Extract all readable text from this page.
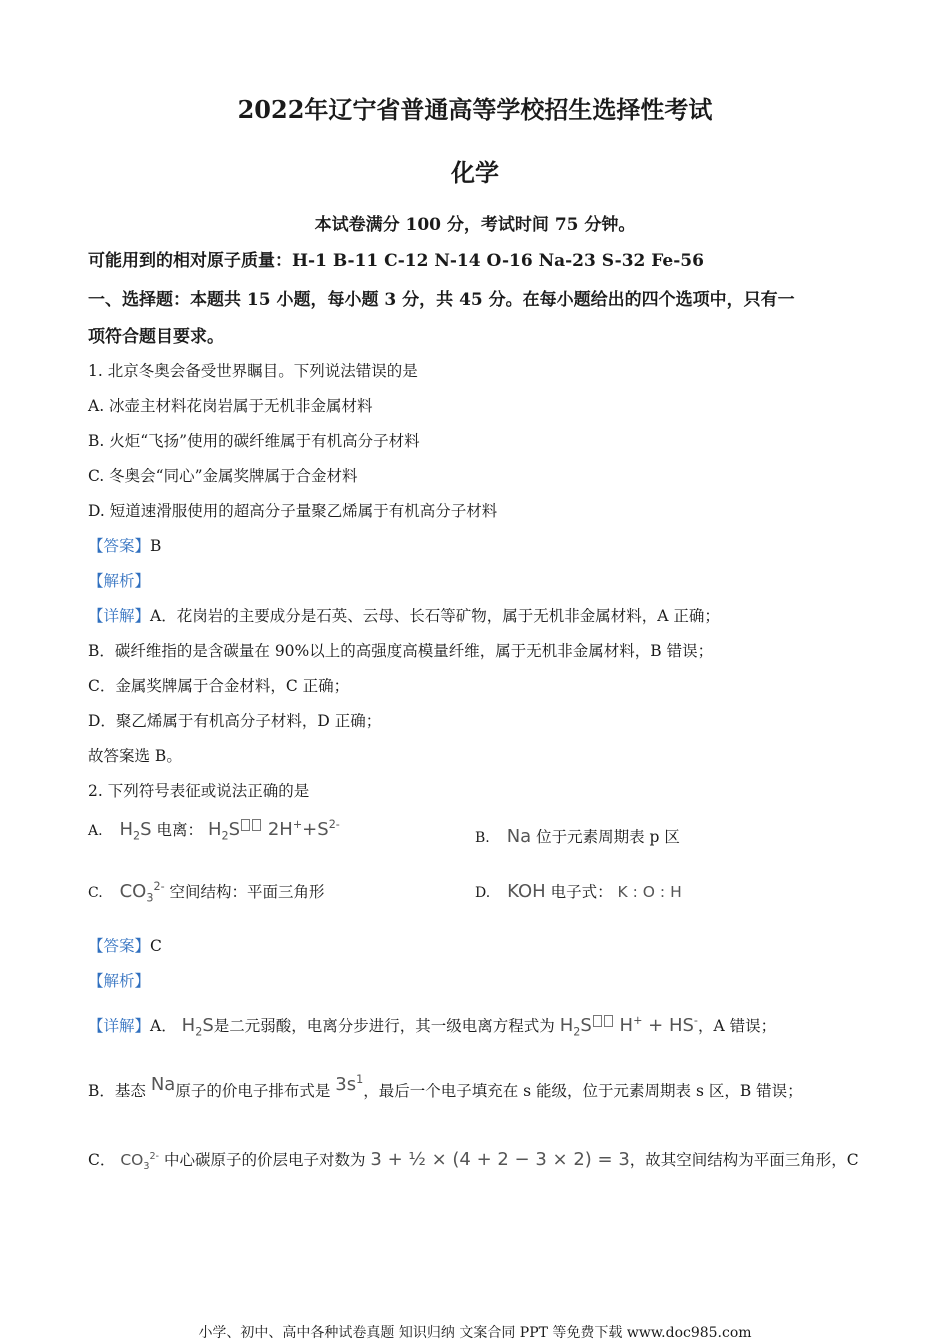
2022年辽宁省普通高等学校招生选择性考试
化学
本试卷满分 100 分，考试时间 75 分钟。
可能用到的相对原子质量：H-1 B-11 C-12 N-14 O-16 Na-23 S-32 Fe-56
一、选择题：本题共 15 小题，每小题 3 分，共 45 分。在每小题给出的四个选项中，只有一
项符合题目要求。
1. 北京冬奥会备受世界瞩目。下列说法错误的是
A. 冰壶主材料花岗岩属于无机非金属材料
B. 火炬“飞扬”使用的碳纤维属于有机高分子材料
C. 冬奥会“同心”金属奖牌属于合金材料
D. 短道速滑服使用的超高分子量聚乙烯属于有机高分子材料
【答案】B
【解析】
【详解】A．花岗岩的主要成分是石英、云母、长石等矿物，属于无机非金属材料，A 正确；
B．碳纤维指的是含碳量在 90%以上的高强度高模量纤维，属于无机非金属材料，B 错误；
C．金属奖牌属于合金材料，C 正确；
D．聚乙烯属于有机高分子材料，D 正确；
故答案选 B。
2. 下列符号表征或说法正确的是
A. $H_2S$ 电离： $H_2S$ $2H^++S^{2-}$
B. Na 位于元素周期表 p 区
C. $CO_3^{2-}$ 空间结构：平面三角形	D. KOH 电子式： K : O : H
【答案】C
【解析】
【详解】A． $H_2S$是二元弱酸，电离分步进行，其一级电离方程式为 $H_2S$ H+ + HS-，A 错误；
B．基态 Na原子的价电子排布式是 $3s^1$，最后一个电子填充在 s 能级，位于元素周期表 s 区，B 错误；
C． $CO_3^{2-}$ 中心碳原子的价层电子对数为 3 + ½ × (4 + 2 − 3 × 2) = 3，故其空间结构为平面三角形，C
小学、初中、高中各种试卷真题 知识归纳 文案合同 PPT 等免费下载 www.doc985.com
